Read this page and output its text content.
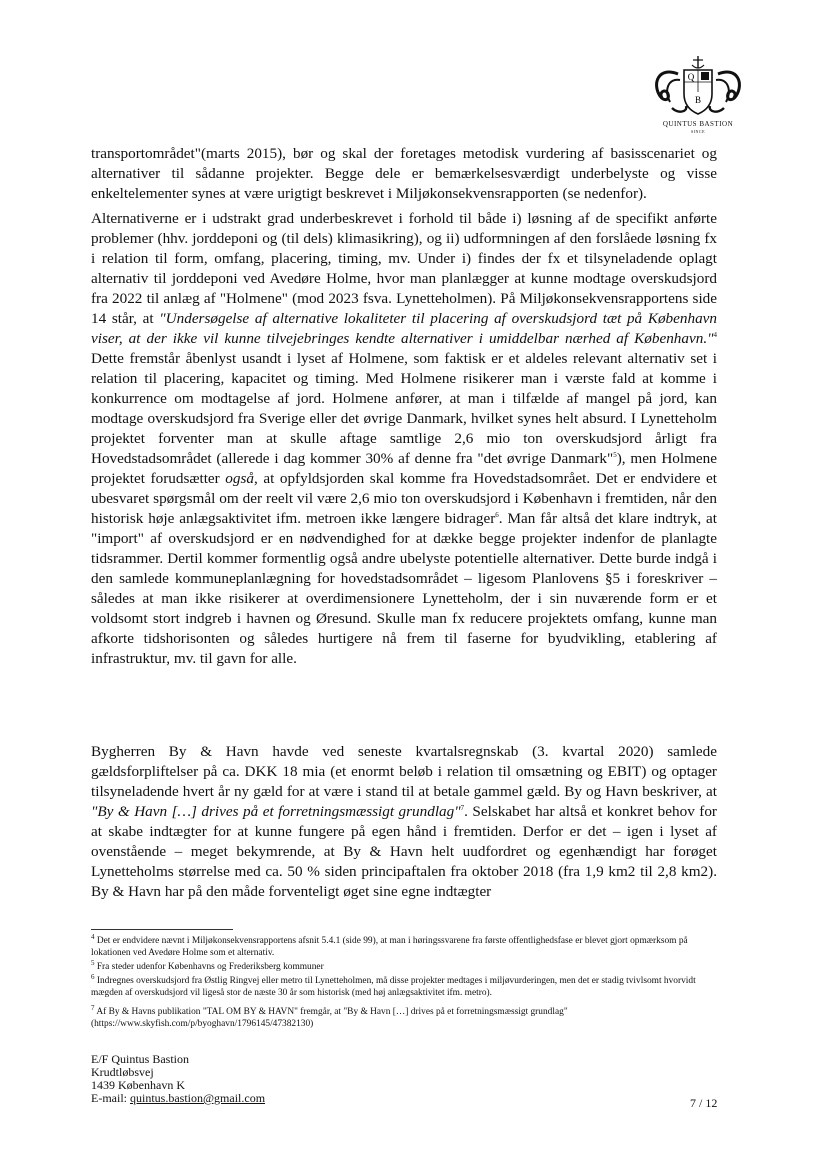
Q
B
QUINTUS BASTION
SINCE

transportområdet"(marts 2015), bør og skal der foretages metodisk vurdering af basisscenariet og alternativer til sådanne projekter. Begge dele er bemærkelsesværdigt underbelyste og visse enkeltelementer synes at være urigtigt beskrevet i Miljøkonsekvensrapporten (se nedenfor).

Alternativerne er i udstrakt grad underbeskrevet i forhold til både i) løsning af de specifikt anførte problemer (hhv. jorddeponi og (til dels) klimasikring), og ii) udformningen af den forslåede løsning fx i relation til form, omfang, placering, timing, mv. Under i) findes der fx et tilsyneladende oplagt alternativ til jorddeponi ved Avedøre Holme, hvor man planlægger at kunne modtage overskudsjord fra 2022 til anlæg af "Holmene" (mod 2023 fsva. Lynetteholmen). På Miljøkonsekvensrapportens side 14 står, at "Undersøgelse af alternative lokaliteter til placering af overskudsjord tæt på København viser, at der ikke vil kunne tilvejebringes kendte alternativer i umiddelbar nærhed af København."$^4$ Dette fremstår åbenlyst usandt i lyset af Holmene, som faktisk er et aldeles relevant alternativ set i relation til placering, kapacitet og timing. Med Holmene risikerer man i værste fald at komme i konkurrence om modtagelse af jord. Holmene anfører, at man i tilfælde af mangel på jord, kan modtage overskudsjord fra Sverige eller det øvrige Danmark, hvilket synes helt absurd. I Lynetteholm projektet forventer man at skulle aftage samtlige 2,6 mio ton overskudsjord årligt fra Hovedstadsområdet (allerede i dag kommer 30% af denne fra "det øvrige Danmark"$^5$), men Holmene projektet forudsætter også, at opfyldsjorden skal komme fra Hovedstadsområet. Det er endvidere et ubesvaret spørgsmål om der reelt vil være 2,6 mio ton overskudsjord i København i fremtiden, når den historisk høje anlægsaktivitet ifm. metroen ikke længere bidrager$^6$. Man får altså det klare indtryk, at "import" af overskudsjord er en nødvendighed for at dække begge projekter indenfor de planlagte tidsrammer. Dertil kommer formentlig også andre ubelyste potentielle alternativer. Dette burde indgå i den samlede kommuneplanlægning for hovedstadsområdet – ligesom Planlovens §5 i foreskriver – således at man ikke risikerer at overdimensionere Lynetteholm, der i sin nuværende form er et voldsomt stort indgreb i havnen og Øresund. Skulle man fx reducere projektets omfang, kunne man afkorte tidshorisonten og således hurtigere nå frem til faserne for byudvikling, etablering af infrastruktur, mv. til gavn for alle.

Bygherren By & Havn havde ved seneste kvartalsregnskab (3. kvartal 2020) samlede gældsforpliftelser på ca. DKK 18 mia (et enormt beløb i relation til omsætning og EBIT) og optager tilsyneladende hvert år ny gæld for at være i stand til at betale gammel gæld. By og Havn beskriver, at "By & Havn […] drives på et forretningsmæssigt grundlag"$^7$. Selskabet har altså et konkret behov for at skabe indtægter for at kunne fungere på egen hånd i fremtiden. Derfor er det – igen i lyset af ovenstående – meget bekymrende, at By & Havn helt uudfordret og egenhændigt har forøget Lynetteholms størrelse med ca. 50 % siden principaftalen fra oktober 2018 (fra 1,9 km2 til 2,8 km2). By & Havn har på den måde forventeligt øget sine egne indtægter

$^4$ Det er endvidere nævnt i Miljøkonsekvensrapportens afsnit 5.4.1 (side 99), at man i høringssvarene fra første offentlighedsfase er blevet gjort opmærksom på lokationen ved Avedøre Holme som et alternativ.

$^5$ Fra steder udenfor Københavns og Frederiksberg kommuner

$^6$ Indregnes overskudsjord fra Østlig Ringvej eller metro til Lynetteholmen, må disse projekter medtages i miljøvurderingen, men det er stadig tvivlsomt hvorvidt mægden af overskudsjord vil ligeså stor de næste 30 år som historisk (med høj anlægsaktivitet ifm. metro).

$^7$ Af By & Havns publikation "TAL OM BY & HAVN" fremgår, at "By & Havn […] drives på et forretningsmæssigt grundlag" (https://www.skyfish.com/p/byoghavn/1796145/47382130)

E/F Quintus Bastion
Krudtløbsvej
1439 København K
E-mail: quintus.bastion@gmail.com	7 / 12
